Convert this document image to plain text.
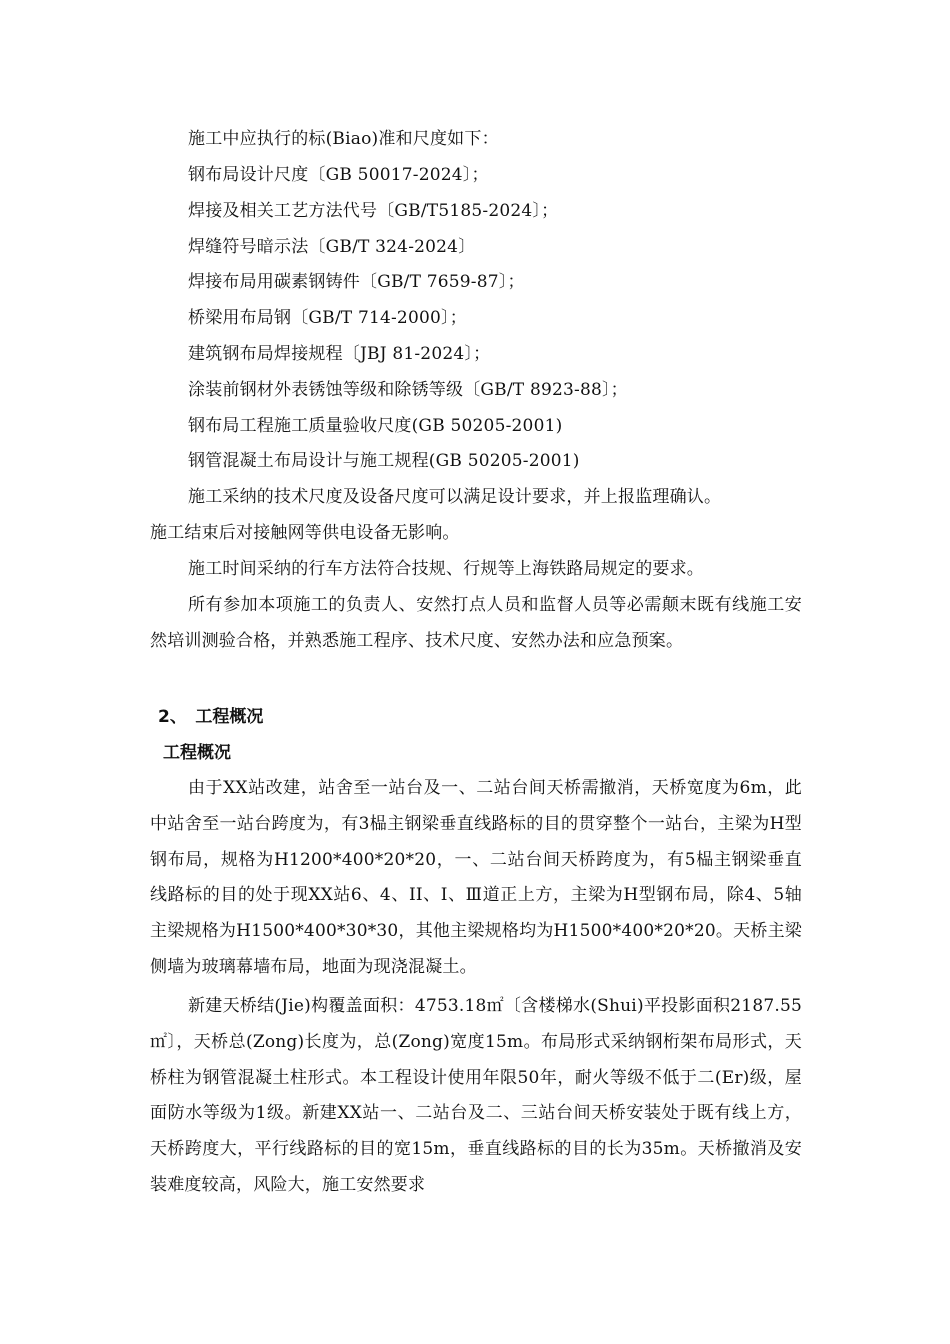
施工中应执行的标(Biao)准和尺度如下：
钢布局设计尺度〔GB 50017-2024〕；
焊接及相关工艺方法代号〔GB/T5185-2024〕；
焊缝符号暗示法〔GB/T 324-2024〕
焊接布局用碳素钢铸件〔GB/T 7659-87〕；
桥梁用布局钢〔GB/T 714-2000〕；
建筑钢布局焊接规程〔JBJ 81-2024〕；
涂装前钢材外表锈蚀等级和除锈等级〔GB/T 8923-88〕；
钢布局工程施工质量验收尺度(GB 50205-2001)
钢管混凝土布局设计与施工规程(GB 50205-2001)
施工采纳的技术尺度及设备尺度可以满足设计要求，并上报监理确认。
施工结束后对接触网等供电设备无影响。

施工时间采纳的行车方法符合技规、行规等上海铁路局规定的要求。

所有参加本项施工的负责人、安然打点人员和监督人员等必需颠末既有线施工安然培训测验合格，并熟悉施工程序、技术尺度、安然办法和应急预案。

2、　工程概况
工程概况

由于XX站改建，站舍至一站台及一、二站台间天桥需撤消，天桥宽度为6m，此中站舍至一站台跨度为，有3榀主钢梁垂直线路标的目的贯穿整个一站台，主梁为H型钢布局，规格为H1200*400*20*20，一、二站台间天桥跨度为，有5榀主钢梁垂直线路标的目的处于现XX站6、4、II、I、Ⅲ道正上方，主梁为H型钢布局，除4、5轴主梁规格为H1500*400*30*30，其他主梁规格均为H1500*400*20*20。天桥主梁侧墙为玻璃幕墙布局，地面为现浇混凝土。

新建天桥结(Jie)构覆盖面积：4753.18㎡〔含楼梯水(Shui)平投影面积2187.55㎡〕，天桥总(Zong)长度为，总(Zong)宽度15m。布局形式采纳钢桁架布局形式，天桥柱为钢管混凝土柱形式。本工程设计使用年限50年，耐火等级不低于二(Er)级，屋面防水等级为1级。新建XX站一、二站台及二、三站台间天桥安装处于既有线上方，天桥跨度大，平行线路标的目的宽15m，垂直线路标的目的长为35m。天桥撤消及安装难度较高，风险大，施工安然要求
